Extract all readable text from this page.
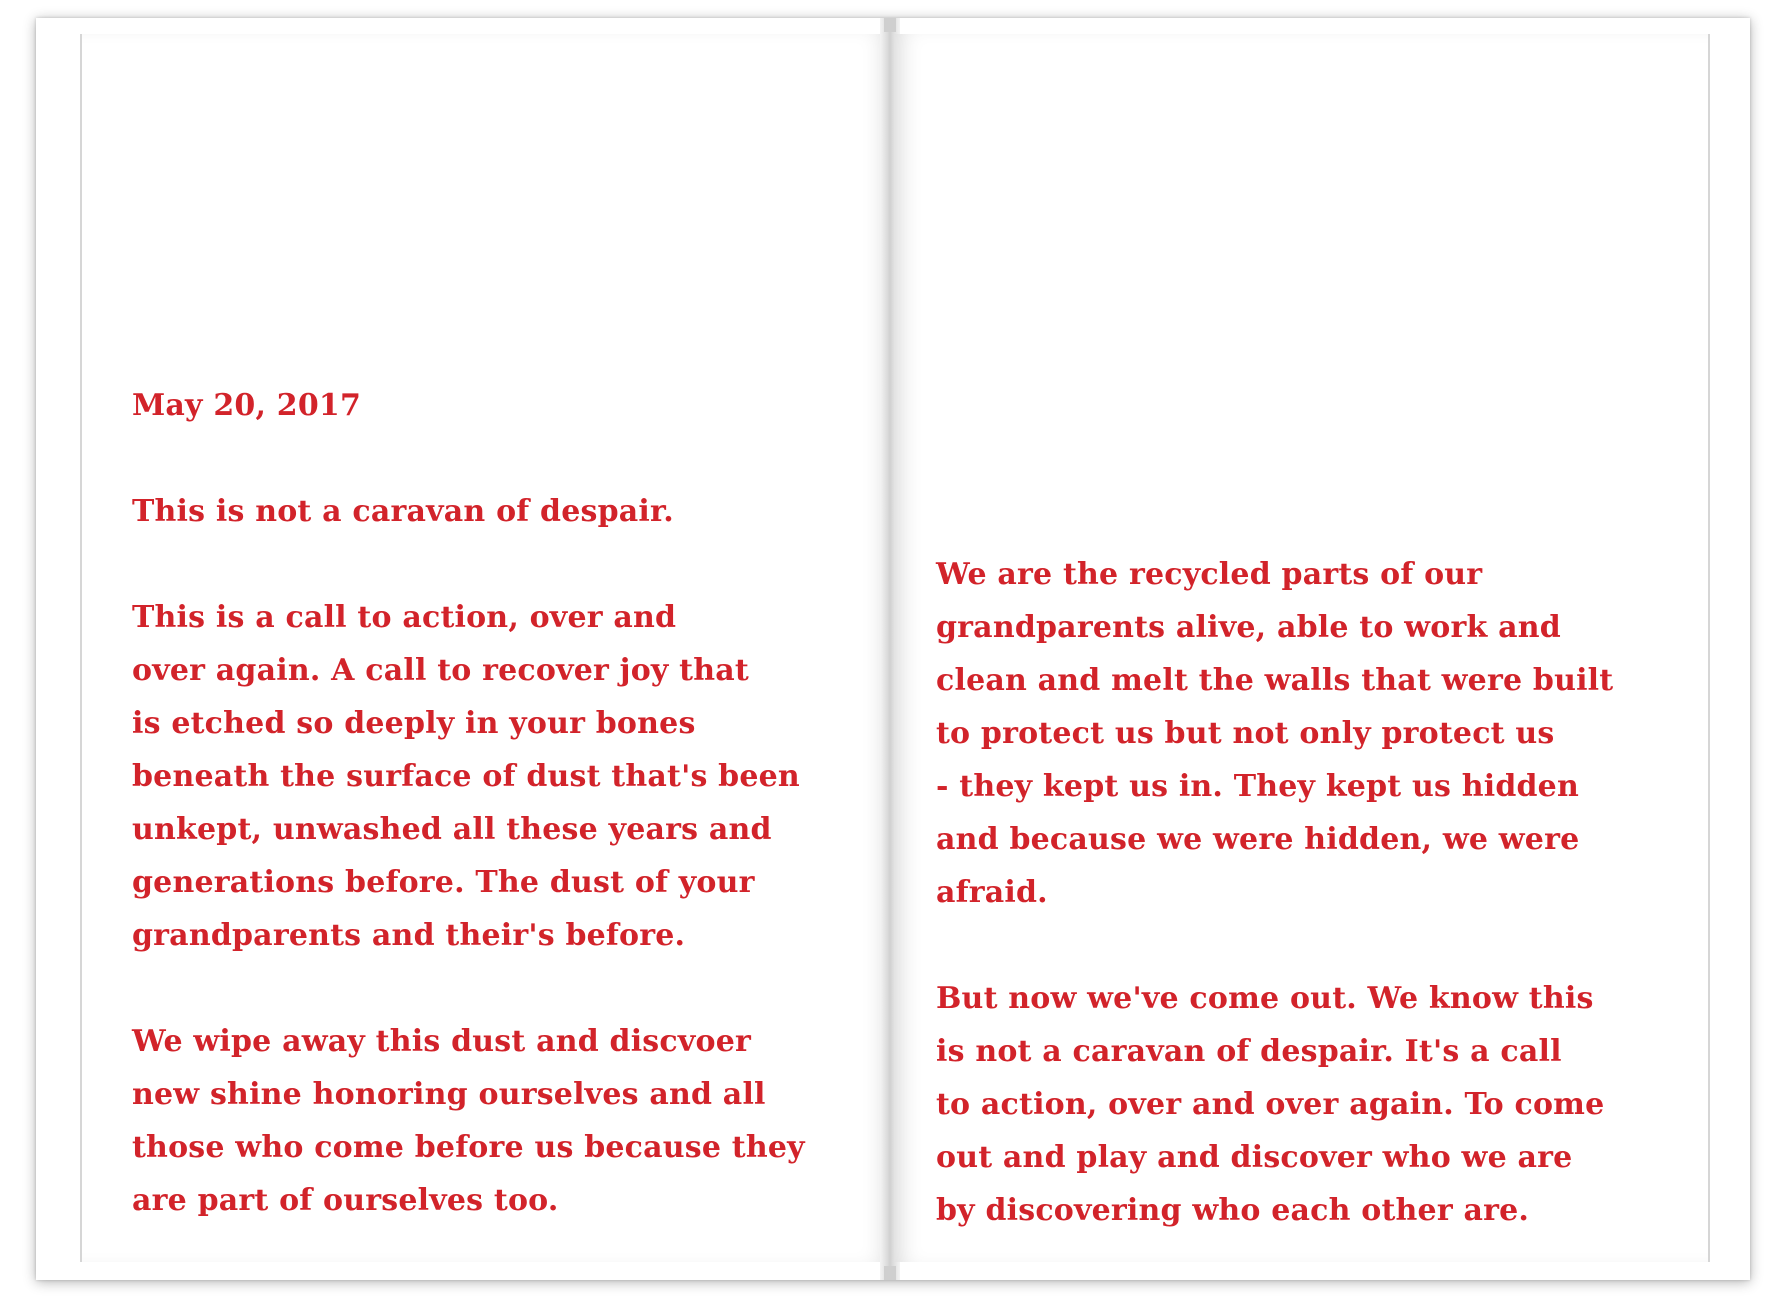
May 20, 2017

This is not a caravan of despair.

This is a call to action, over and
over again. A call to recover joy that
is etched so deeply in your bones
beneath the surface of dust that's been
unkept, unwashed all these years and
generations before. The dust of your
grandparents and their's before.

We wipe away this dust and discvoer
new shine honoring ourselves and all
those who come before us because they
are part of ourselves too.

We are the recycled parts of our
grandparents alive, able to work and
clean and melt the walls that were built
to protect us but not only protect us
- they kept us in. They kept us hidden
and because we were hidden, we were
afraid.

But now we've come out. We know this
is not a caravan of despair. It's a call
to action, over and over again. To come
out and play and discover who we are
by discovering who each other are.
